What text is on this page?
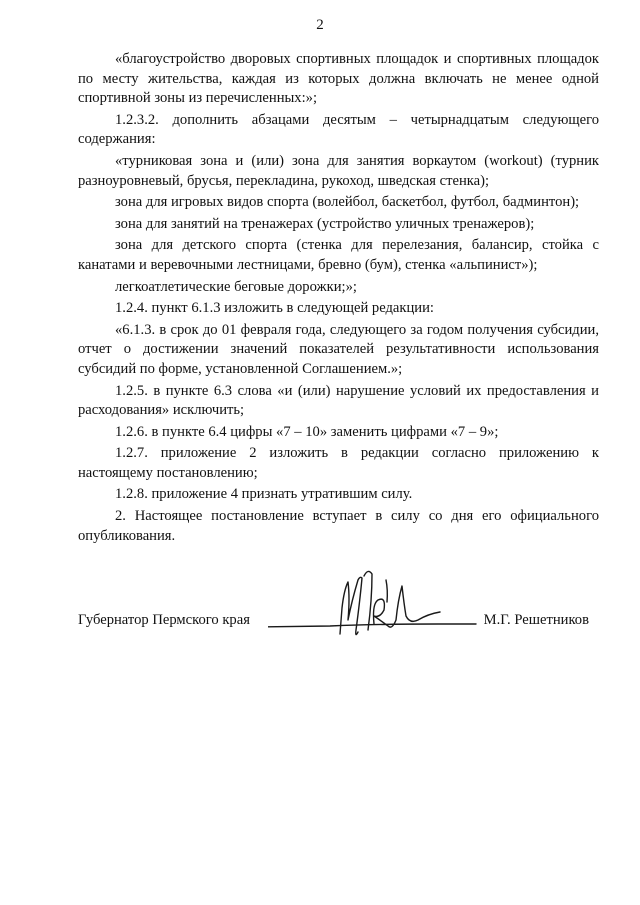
2

«благоустройство дворовых спортивных площадок и спортивных площадок по месту жительства, каждая из которых должна включать не менее одной спортивной зоны из перечисленных:»;

1.2.3.2. дополнить абзацами десятым – четырнадцатым следующего содержания:

«турниковая зона и (или) зона для занятия воркаутом (workout) (турник разноуровневый, брусья, перекладина, рукоход, шведская стенка);

зона для игровых видов спорта (волейбол, баскетбол, футбол, бадминтон);

зона для занятий на тренажерах (устройство уличных тренажеров);

зона для детского спорта (стенка для перелезания, балансир, стойка с канатами и веревочными лестницами, бревно (бум), стенка «альпинист»);

легкоатлетические беговые дорожки;»;

1.2.4. пункт 6.1.3 изложить в следующей редакции:

«6.1.3. в срок до 01 февраля года, следующего за годом получения субсидии, отчет о достижении значений показателей результативности использования субсидий по форме, установленной Соглашением.»;

1.2.5. в пункте 6.3 слова «и (или) нарушение условий их предоставления и расходования» исключить;

1.2.6. в пункте 6.4 цифры «7 – 10» заменить цифрами «7 – 9»;

1.2.7. приложение 2 изложить в редакции согласно приложению к настоящему постановлению;

1.2.8. приложение 4 признать утратившим силу.

2. Настоящее постановление вступает в силу со дня его официального опубликования.

Губернатор Пермского края	М.Г. Решетников
